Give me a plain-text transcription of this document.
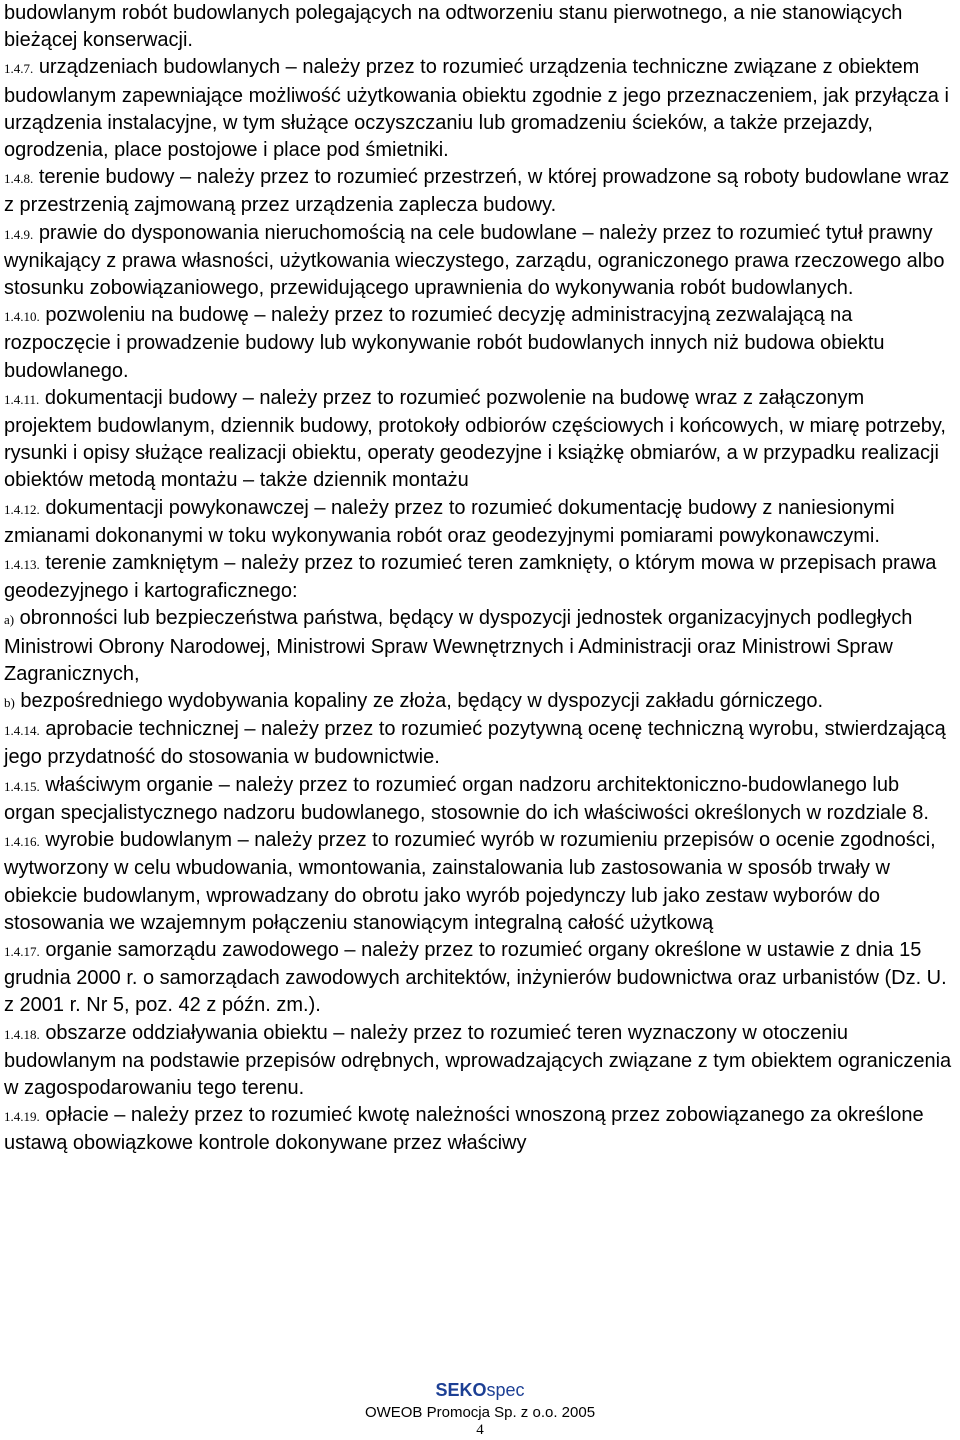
budowlanym robót budowlanych polegających na odtworzeniu stanu pierwotnego, a nie stanowiących bieżącej konserwacji.

1.4.7. urządzeniach budowlanych – należy przez to rozumieć urządzenia techniczne związane z obiektem budowlanym zapewniające możliwość użytkowania obiektu zgodnie z jego przeznaczeniem, jak przyłącza i urządzenia instalacyjne, w tym służące oczyszczaniu lub gromadzeniu ścieków, a także przejazdy, ogrodzenia, place postojowe i place pod śmietniki.

1.4.8. terenie budowy – należy przez to rozumieć przestrzeń, w której prowadzone są roboty budowlane wraz z przestrzenią zajmowaną przez urządzenia zaplecza budowy.

1.4.9. prawie do dysponowania nieruchomością na cele budowlane – należy przez to rozumieć tytuł prawny wynikający z prawa własności, użytkowania wieczystego, zarządu, ograniczonego prawa rzeczowego albo stosunku zobowiązaniowego, przewidującego uprawnienia do wykonywania robót budowlanych.

1.4.10. pozwoleniu na budowę – należy przez to rozumieć decyzję administracyjną zezwalającą na rozpoczęcie i prowadzenie budowy lub wykonywanie robót budowlanych innych niż budowa obiektu budowlanego.

1.4.11. dokumentacji budowy – należy przez to rozumieć pozwolenie na budowę wraz z załączonym projektem budowlanym, dziennik budowy, protokoły odbiorów częściowych i końcowych, w miarę potrzeby, rysunki i opisy służące realizacji obiektu, operaty geodezyjne i książkę obmiarów, a w przypadku realizacji obiektów metodą montażu – także dziennik montażu

1.4.12. dokumentacji powykonawczej – należy przez to rozumieć dokumentację budowy z naniesionymi zmianami dokonanymi w toku wykonywania robót oraz geodezyjnymi pomiarami powykonawczymi.

1.4.13. terenie zamkniętym – należy przez to rozumieć teren zamknięty, o którym mowa w przepisach prawa geodezyjnego i kartograficznego:

a) obronności lub bezpieczeństwa państwa, będący w dyspozycji jednostek organizacyjnych podległych Ministrowi Obrony Narodowej, Ministrowi Spraw Wewnętrznych i Administracji oraz Ministrowi Spraw Zagranicznych,

b) bezpośredniego wydobywania kopaliny ze złoża, będący w dyspozycji zakładu górniczego.

1.4.14. aprobacie technicznej – należy przez to rozumieć pozytywną ocenę techniczną wyrobu, stwierdzającą jego przydatność do stosowania w budownictwie.

1.4.15. właściwym organie – należy przez to rozumieć organ nadzoru architektoniczno-budowlanego lub organ specjalistycznego nadzoru budowlanego, stosownie do ich właściwości określonych w rozdziale 8.

1.4.16. wyrobie budowlanym – należy przez to rozumieć wyrób w rozumieniu przepisów o ocenie zgodności, wytworzony w celu wbudowania, wmontowania, zainstalowania lub zastosowania w sposób trwały w obiekcie budowlanym, wprowadzany do obrotu jako wyrób pojedynczy lub jako zestaw wyborów do stosowania we wzajemnym połączeniu stanowiącym integralną całość użytkową

1.4.17. organie samorządu zawodowego – należy przez to rozumieć organy określone w ustawie z dnia 15 grudnia 2000 r. o samorządach zawodowych architektów, inżynierów budownictwa oraz urbanistów (Dz. U. z 2001 r. Nr 5, poz. 42 z późn. zm.).

1.4.18. obszarze oddziaływania obiektu – należy przez to rozumieć teren wyznaczony w otoczeniu budowlanym na podstawie przepisów odrębnych, wprowadzających związane z tym obiektem ograniczenia w zagospodarowaniu tego terenu.

1.4.19. opłacie – należy przez to rozumieć kwotę należności wnoszoną przez zobowiązanego za określone ustawą obowiązkowe kontrole dokonywane przez właściwy

SEKOspec
OWEOB Promocja Sp. z o.o. 2005
4
